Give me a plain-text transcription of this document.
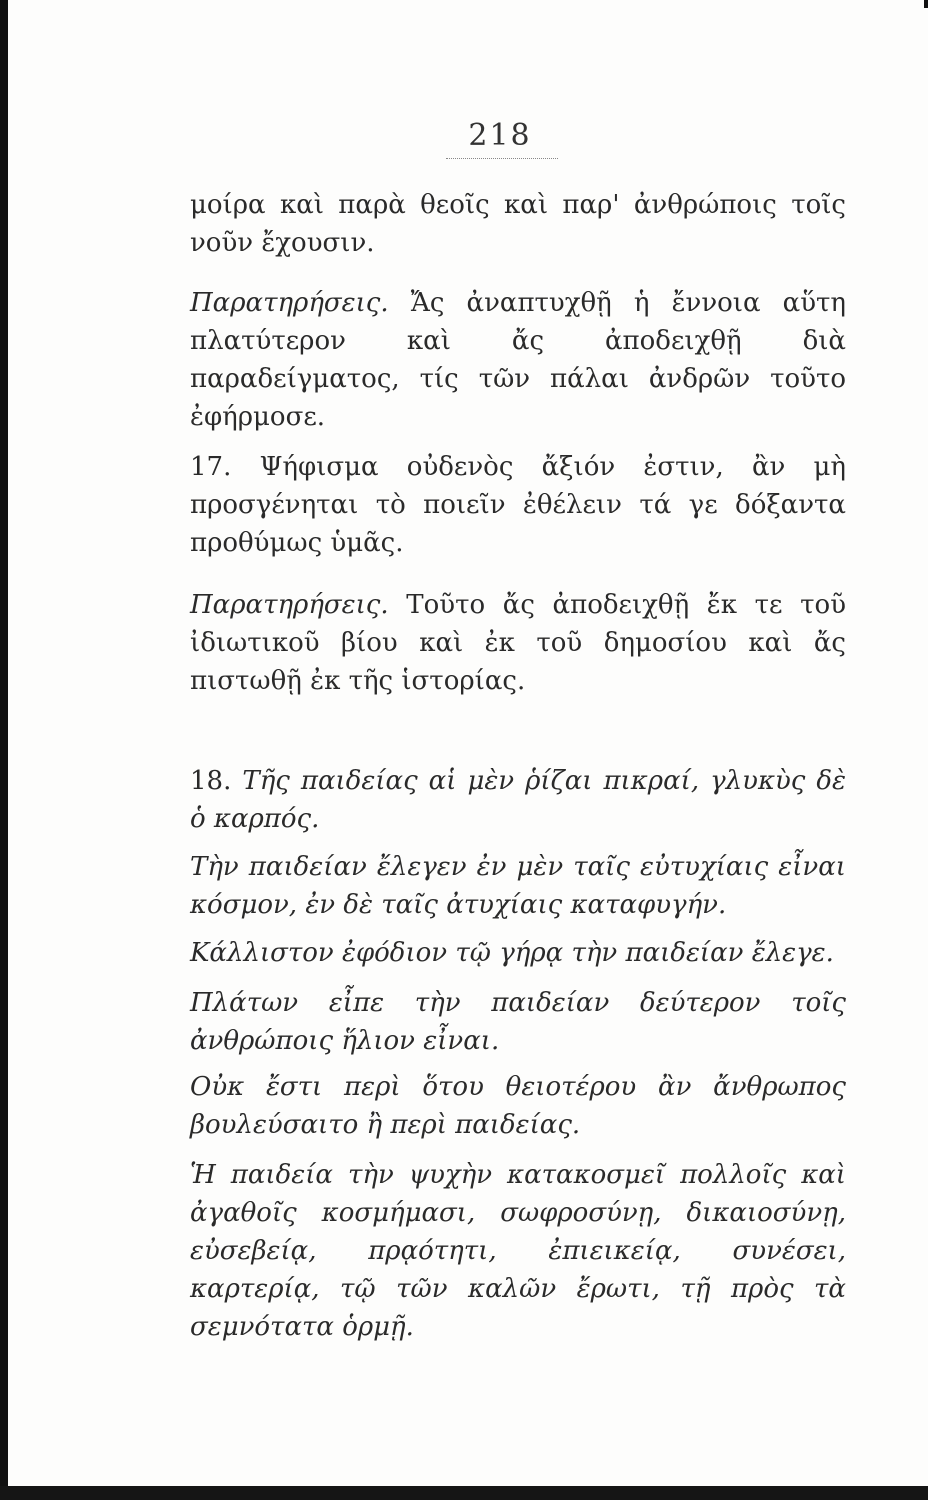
218

μοίρα καὶ παρὰ θεοῖς καὶ παρ' ἀνθρώποις τοῖς νοῦν ἔχουσιν.

Παρατηρήσεις. Ἄς ἀναπτυχθῇ ἡ ἔννοια αὕτη πλατύτερον καὶ ἄς ἀποδειχθῇ διὰ παραδείγματος, τίς τῶν πάλαι ἀνδρῶν τοῦτο ἐφήρμοσε.

17. Ψήφισμα οὐδενὸς ἄξιόν ἐστιν, ἂν μὴ προσγένηται τὸ ποιεῖν ἐθέλειν τά γε δόξαντα προθύμως ὑμᾶς.

Παρατηρήσεις. Τοῦτο ἄς ἀποδειχθῇ ἔκ τε τοῦ ἰδιωτικοῦ βίου καὶ ἐκ τοῦ δημοσίου καὶ ἄς πιστωθῇ ἐκ τῆς ἱστορίας.

18. Τῆς παιδείας αἱ μὲν ῥίζαι πικραί, γλυκὺς δὲ ὁ καρπός.

Τὴν παιδείαν ἔλεγεν ἐν μὲν ταῖς εὐτυχίαις εἶναι κόσμον, ἐν δὲ ταῖς ἀτυχίαις καταφυγήν.

Κάλλιστον ἐφόδιον τῷ γήρᾳ τὴν παιδείαν ἔλεγε.

Πλάτων εἶπε τὴν παιδείαν δεύτερον τοῖς ἀνθρώποις ἥλιον εἶναι.

Οὐκ ἔστι περὶ ὅτου θειοτέρου ἂν ἄνθρωπος βουλεύσαιτο ἢ περὶ παιδείας.

Ἡ παιδεία τὴν ψυχὴν κατακοσμεῖ πολλοῖς καὶ ἀγαθοῖς κοσμήμασι, σωφροσύνῃ, δικαιοσύνῃ, εὐσεβείᾳ, πρᾳότητι, ἐπιεικείᾳ, συνέσει, καρτερίᾳ, τῷ τῶν καλῶν ἔρωτι, τῇ πρὸς τὰ σεμνότατα ὁρμῇ.
